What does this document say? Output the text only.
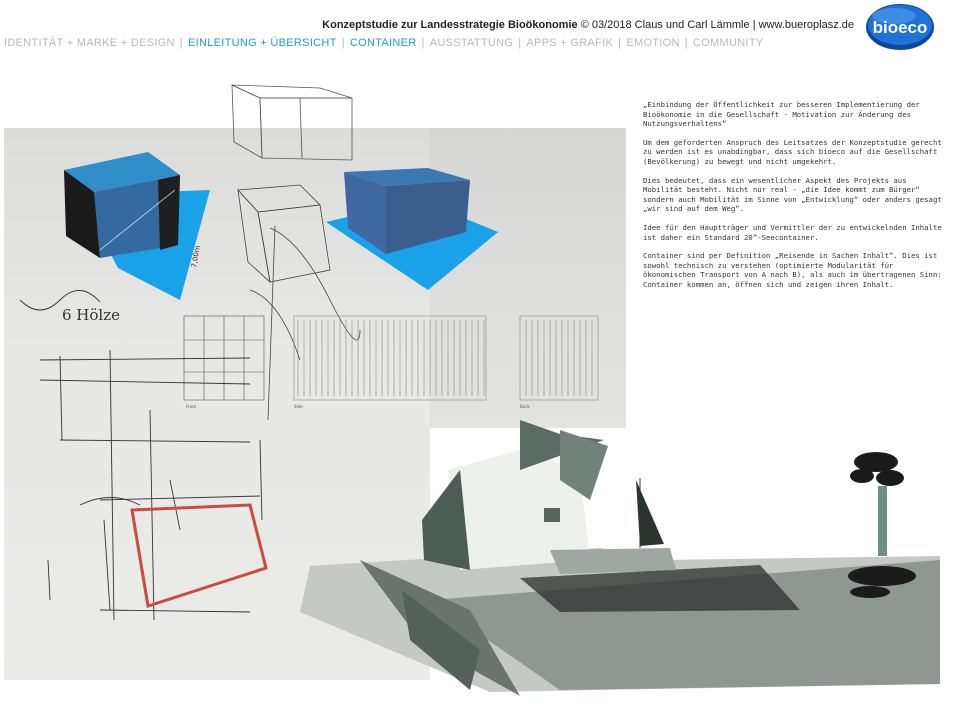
Konzeptstudie zur Landesstrategie Bioökonomie © 03/2018 Claus und Carl Lämmle | www.bueroplasz.de bioeco
IDENTITÄT + MARKE + DESIGN | EINLEITUNG + ÜBERSICHT | CONTAINER | AUSSTATTUNG | APPS + GRAFIK | EMOTION | COMMUNITY
7,00m
Front	Side	Back
6 Hölze

„Einbindung der Öffentlichkeit zur besseren Implementierung der Bioökonomie in die Gesellschaft - Motivation zur Änderung des Nutzungsverhaltens“

Um dem geforderten Anspruch des Leitsatzes der Konzeptstudie gerecht zu werden ist es unabdingbar, dass sich bioeco auf die Gesellschaft (Bevölkerung) zu bewegt und nicht umgekehrt.

Dies bedeutet, dass ein wesentlicher Aspekt des Projekts aus Mobilität besteht. Nicht nur real - „die Idee kommt zum Bürger“ sondern auch Mobilität im Sinne von „Entwicklung“ oder anders gesagt „wir sind auf dem Weg“.

Idee für den Hauptträger und Vermittler der zu entwickelnden Inhalte ist daher ein Standard 20”-Seecontainer.

Container sind per Definition „Reisende in Sachen Inhalt“. Dies ist sowohl technisch zu verstehen (optimierte Modularität für ökonomischen Transport von A nach B), als auch im übertragenen Sinn: Container kommen an, öffnen sich und zeigen ihren Inhalt.
